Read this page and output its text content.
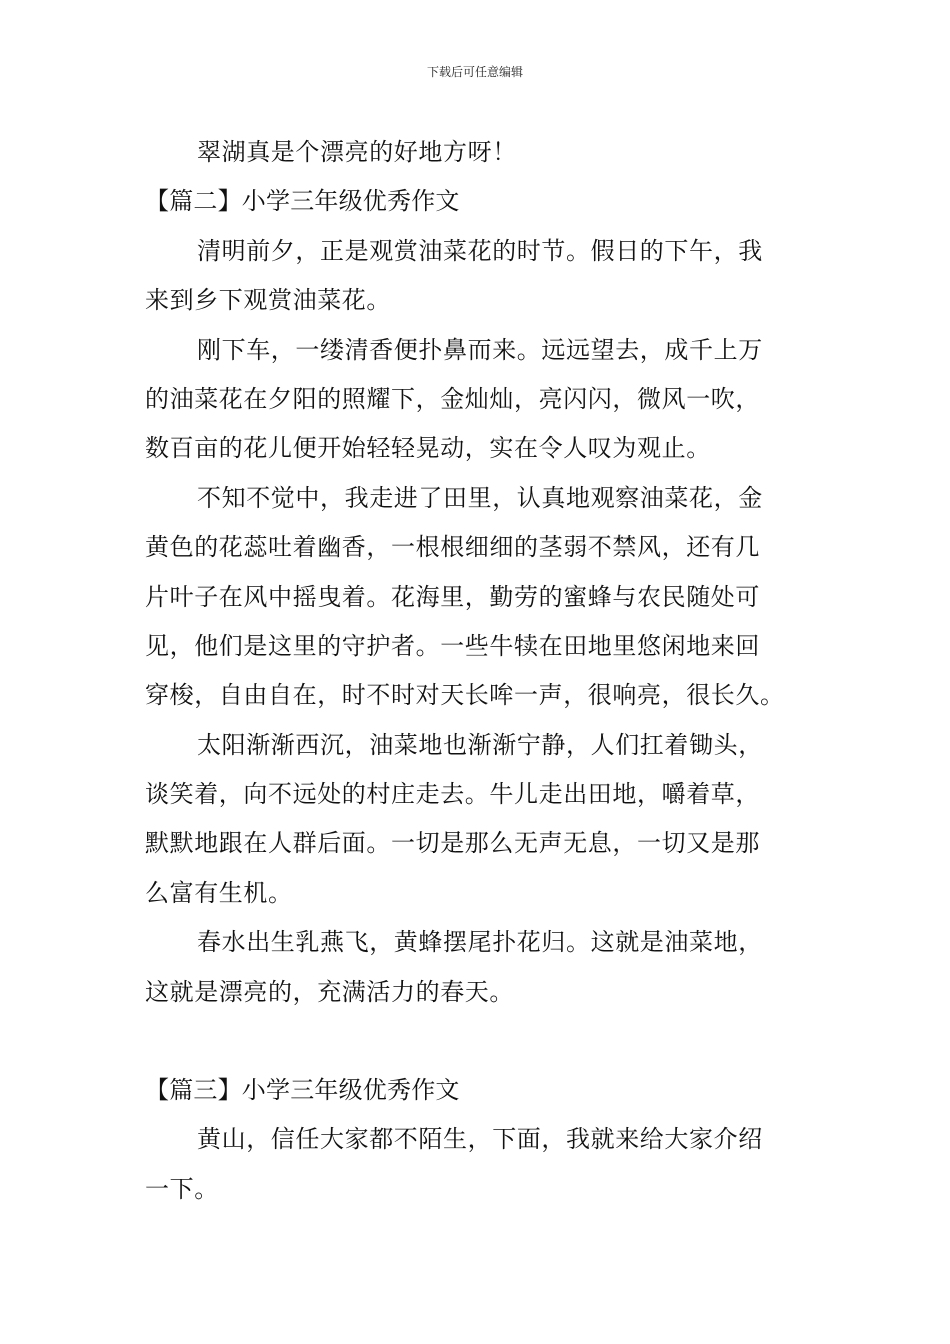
下载后可任意编辑
翠湖真是个漂亮的好地方呀！
【篇二】小学三年级优秀作文
清明前夕，正是观赏油菜花的时节。假日的下午，我
来到乡下观赏油菜花。
刚下车，一缕清香便扑鼻而来。远远望去，成千上万
的油菜花在夕阳的照耀下，金灿灿，亮闪闪，微风一吹，
数百亩的花儿便开始轻轻晃动，实在令人叹为观止。
不知不觉中，我走进了田里，认真地观察油菜花，金
黄色的花蕊吐着幽香，一根根细细的茎弱不禁风，还有几
片叶子在风中摇曳着。花海里，勤劳的蜜蜂与农民随处可
见，他们是这里的守护者。一些牛犊在田地里悠闲地来回
穿梭，自由自在，时不时对天长哞一声，很响亮，很长久。
太阳渐渐西沉，油菜地也渐渐宁静，人们扛着锄头，
谈笑着，向不远处的村庄走去。牛儿走出田地，嚼着草，
默默地跟在人群后面。一切是那么无声无息，一切又是那
么富有生机。
春水出生乳燕飞，黄蜂摆尾扑花归。这就是油菜地，
这就是漂亮的，充满活力的春天。
【篇三】小学三年级优秀作文
黄山，信任大家都不陌生，下面，我就来给大家介绍
一下。
